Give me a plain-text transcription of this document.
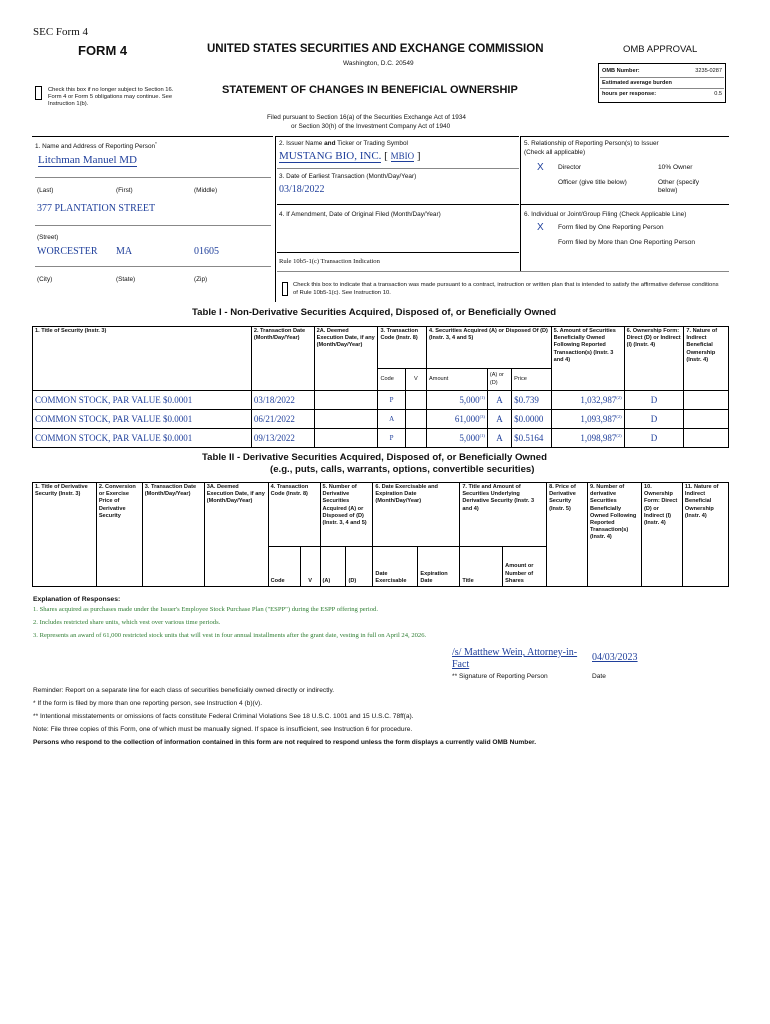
SEC Form 4
FORM 4	UNITED STATES SECURITIES AND EXCHANGE COMMISSION
Washington, D.C. 20549
OMB APPROVAL
OMB Number:	3235-0287
Estimated average burden
hours per response:	0.5
Check this box if no longer subject to Section 16. Form 4 or Form 5 obligations may continue. See Instruction 1(b).
STATEMENT OF CHANGES IN BENEFICIAL OWNERSHIP
Filed pursuant to Section 16(a) of the Securities Exchange Act of 1934
or Section 30(h) of the Investment Company Act of 1940
1. Name and Address of Reporting Person*
Litchman Manuel MD
(Last)	(First)	(Middle)
377 PLANTATION STREET
(Street)
WORCESTER MA	01605
(City)	(State)	(Zip)
2. Issuer Name and Ticker or Trading Symbol
MUSTANG BIO, INC. [ MBIO ]
3. Date of Earliest Transaction (Month/Day/Year)
03/18/2022
4. If Amendment, Date of Original Filed (Month/Day/Year)
5. Relationship of Reporting Person(s) to Issuer
(Check all applicable)
X Director	10% Owner
Officer (give title below)	Other (specify below)
6. Individual or Joint/Group Filing (Check Applicable Line)
X Form filed by One Reporting Person
Form filed by More than One Reporting Person
Rule 10b5-1(c) Transaction Indication
Check this box to indicate that a transaction was made pursuant to a contract, instruction or written plan that is intended to satisfy the affirmative defense conditions of Rule 10b5-1(c). See Instruction 10.
Table I - Non-Derivative Securities Acquired, Disposed of, or Beneficially Owned
1. Title of Security (Instr. 3)	2. Transaction Date (Month/Day/Year)	2A. Deemed Execution Date, if any (Month/Day/Year)	3. Transaction Code (Instr. 8)		4. Securities Acquired (A) or Disposed Of (D) (Instr. 3, 4 and 5)			5. Amount of Securities Beneficially Owned Following Reported Transaction(s) (Instr. 3 and 4)	6. Ownership Form: Direct (D) or Indirect (I) (Instr. 4)	7. Nature of Indirect Beneficial Ownership (Instr. 4)
			Code	V	Amount	(A) or (D)	Price			
COMMON STOCK, PAR VALUE $0.0001	03/18/2022		P		5,000$^{(1)}$	A	$0.739	1,032,987$^{(2)}$	D	
COMMON STOCK, PAR VALUE $0.0001	06/21/2022		A		61,000$^{(3)}$	A	$0.0000	1,093,987$^{(2)}$	D	
COMMON STOCK, PAR VALUE $0.0001	09/13/2022		P		5,000$^{(1)}$	A	$0.5164	1,098,987$^{(2)}$	D	
Table II - Derivative Securities Acquired, Disposed of, or Beneficially Owned
(e.g., puts, calls, warrants, options, convertible securities)
1. Title of Derivative Security (Instr. 3)	2. Conversion or Exercise Price of Derivative Security	3. Transaction Date (Month/Day/Year)	3A. Deemed Execution Date, if any (Month/Day/Year)	4. Transaction Code (Instr. 8)		5. Number of Derivative Securities Acquired (A) or Disposed of (D) (Instr. 3, 4 and 5)		6. Date Exercisable and Expiration Date (Month/Day/Year)		7. Title and Amount of Securities Underlying Derivative Security (Instr. 3 and 4)		8. Price of Derivative Security (Instr. 5)	9. Number of derivative Securities Beneficially Owned Following Reported Transaction(s) (Instr. 4)	10. Ownership Form: Direct (D) or Indirect (I) (Instr. 4)	11. Nature of Indirect Beneficial Ownership (Instr. 4)
				Code	V	(A)	(D)	Date Exercisable	Expiration Date	Title	Amount or Number of Shares				
Explanation of Responses:
1. Shares acquired as purchases made under the Issuer's Employee Stock Purchase Plan ("ESPP") during the ESPP offering period.
2. Includes restricted share units, which vest over various time periods.
3. Represents an award of 61,000 restricted stock units that will vest in four annual installments after the grant date, vesting in full on April 24, 2026.
/s/ Matthew Wein, Attorney-in-Fact
04/03/2023
** Signature of Reporting Person	Date
Reminder: Report on a separate line for each class of securities beneficially owned directly or indirectly.
* If the form is filed by more than one reporting person, see Instruction 4 (b)(v).
** Intentional misstatements or omissions of facts constitute Federal Criminal Violations See 18 U.S.C. 1001 and 15 U.S.C. 78ff(a).
Note: File three copies of this Form, one of which must be manually signed. If space is insufficient, see Instruction 6 for procedure.
Persons who respond to the collection of information contained in this form are not required to respond unless the form displays a currently valid OMB Number.
